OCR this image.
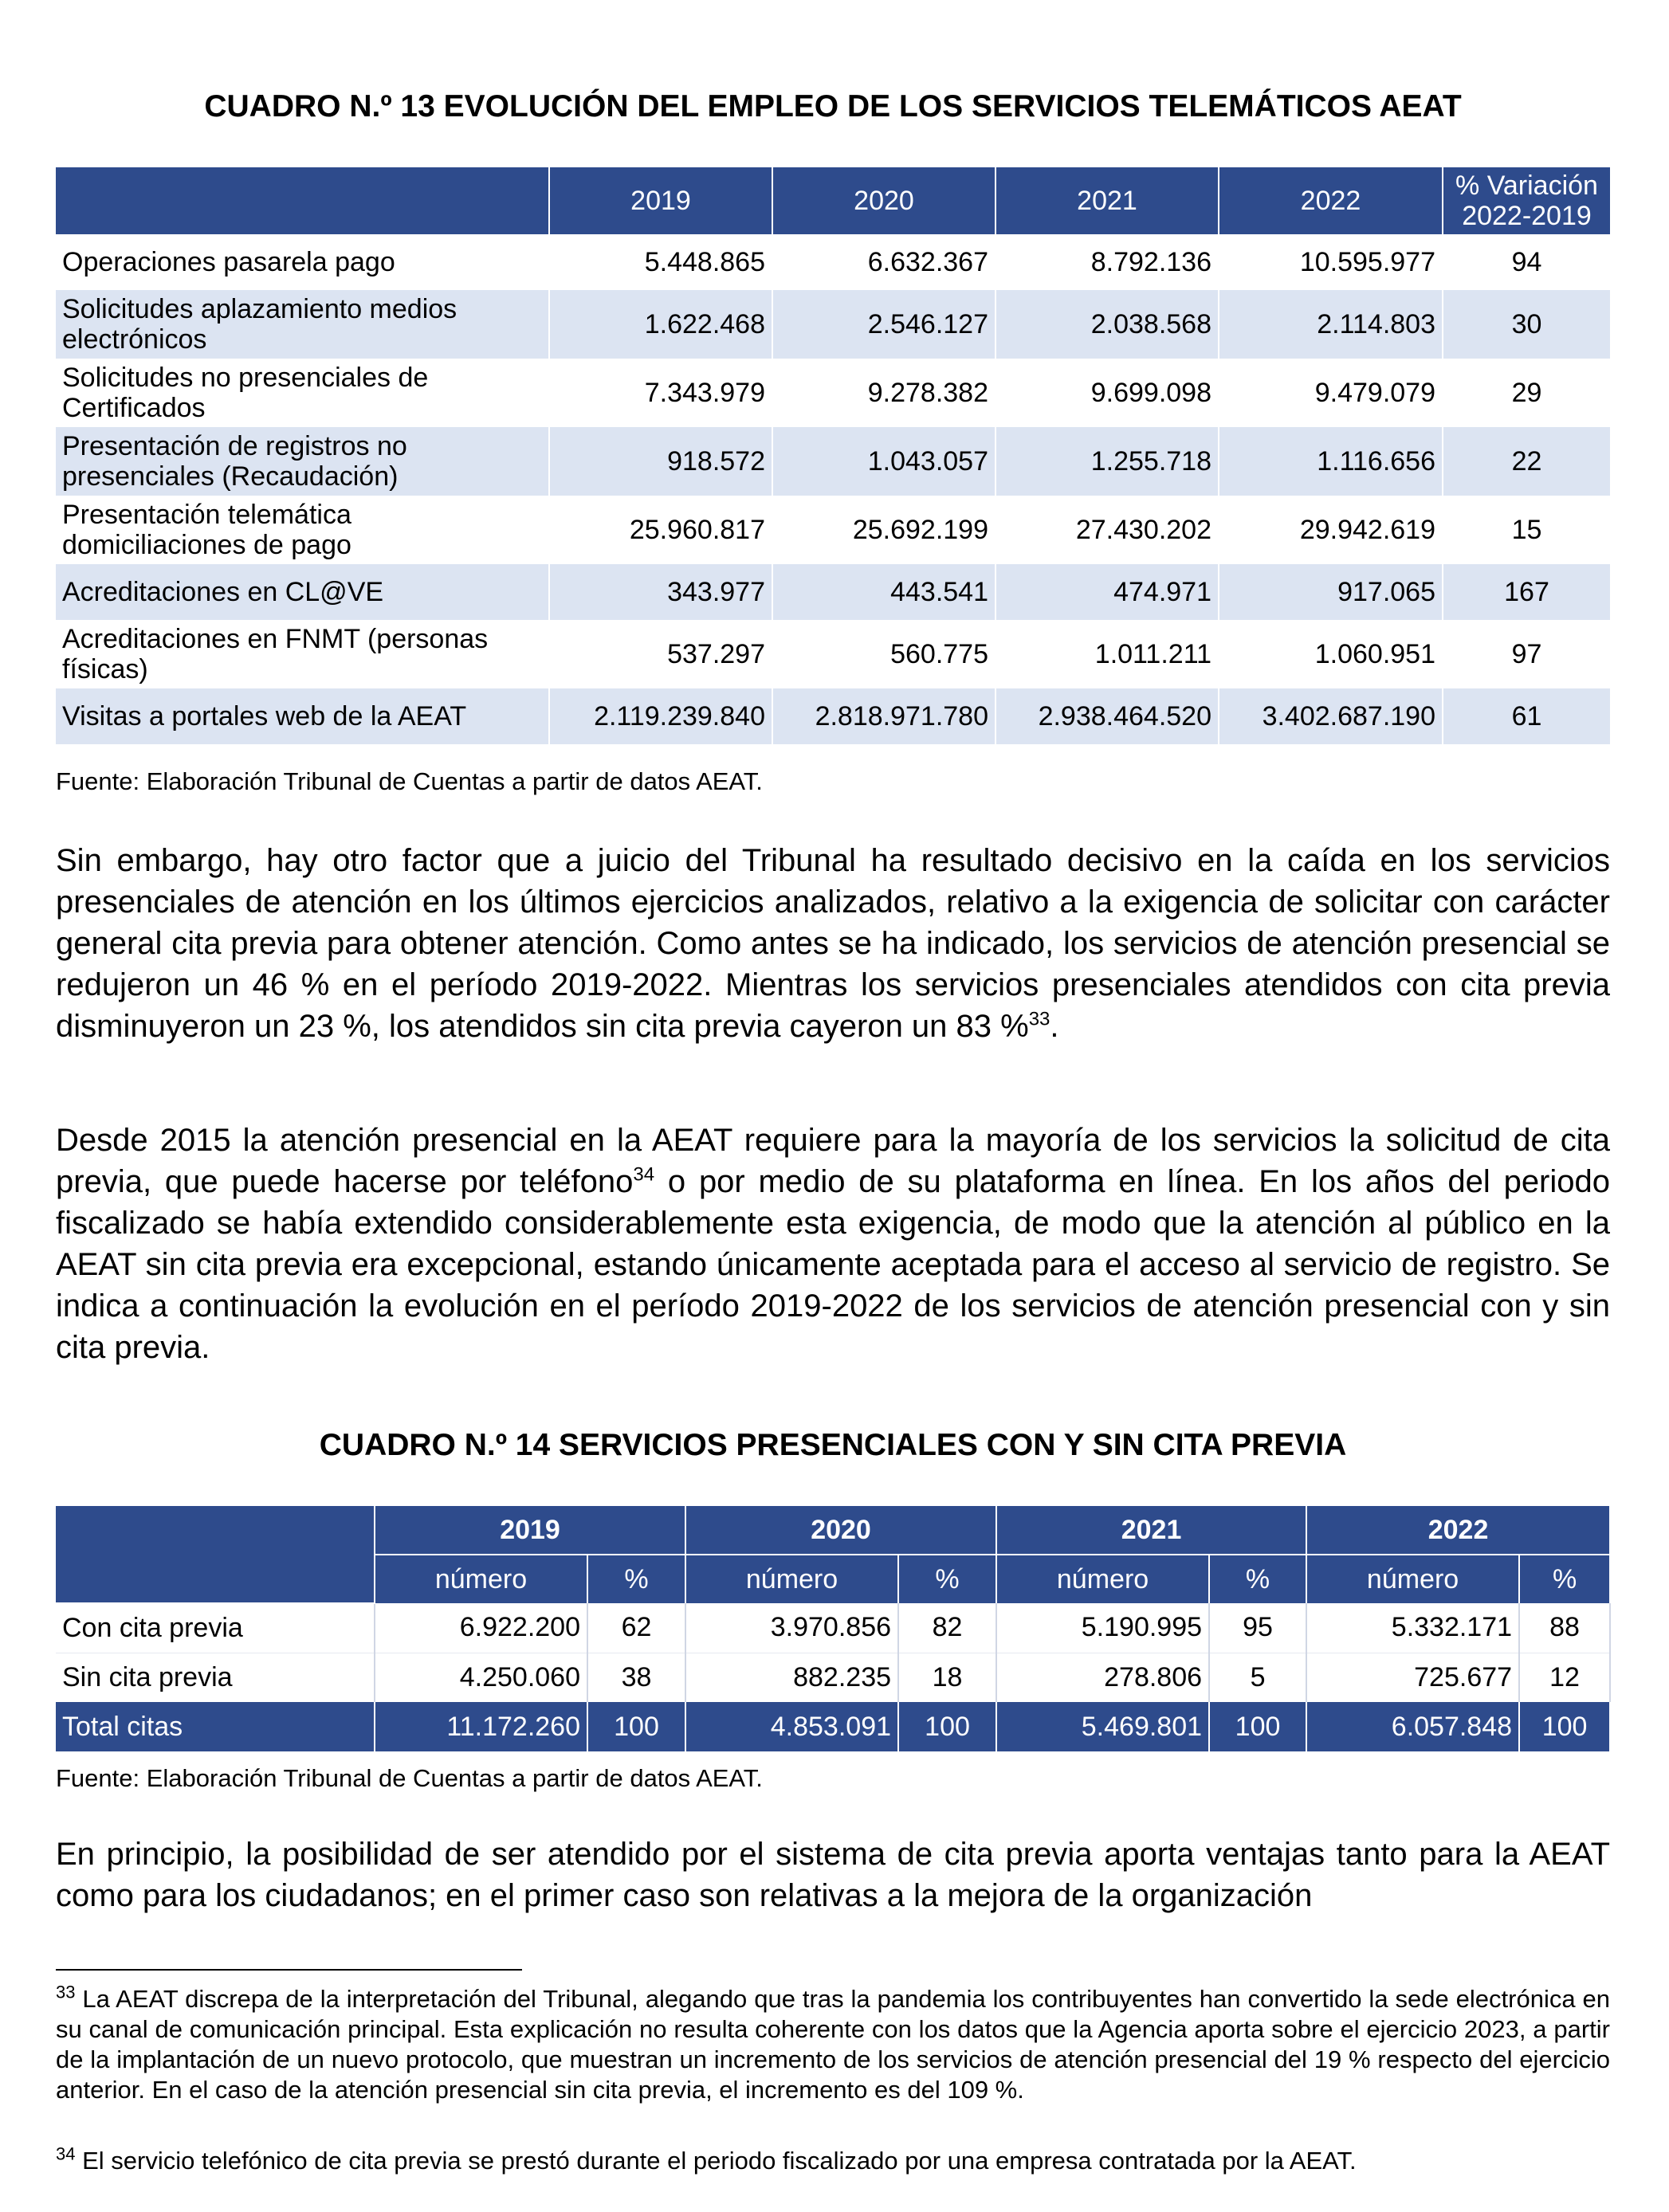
CUADRO N.º 13 EVOLUCIÓN DEL EMPLEO DE LOS SERVICIOS TELEMÁTICOS AEAT
	2019	2020	2021	2022	% Variación 2022-2019
Operaciones pasarela pago	5.448.865	6.632.367	8.792.136	10.595.977	94
Solicitudes aplazamiento medios electrónicos	1.622.468	2.546.127	2.038.568	2.114.803	30
Solicitudes no presenciales de Certificados	7.343.979	9.278.382	9.699.098	9.479.079	29
Presentación de registros no presenciales (Recaudación)	918.572	1.043.057	1.255.718	1.116.656	22
Presentación telemática domiciliaciones de pago	25.960.817	25.692.199	27.430.202	29.942.619	15
Acreditaciones en CL@VE	343.977	443.541	474.971	917.065	167
Acreditaciones en FNMT (personas físicas)	537.297	560.775	1.011.211	1.060.951	97
Visitas a portales web de la AEAT	2.119.239.840	2.818.971.780	2.938.464.520	3.402.687.190	61

Fuente: Elaboración Tribunal de Cuentas a partir de datos AEAT.

Sin embargo, hay otro factor que a juicio del Tribunal ha resultado decisivo en la caída en los servicios presenciales de atención en los últimos ejercicios analizados, relativo a la exigencia de solicitar con carácter general cita previa para obtener atención. Como antes se ha indicado, los servicios de atención presencial se redujeron un 46 % en el período 2019-2022. Mientras los servicios presenciales atendidos con cita previa disminuyeron un 23 %, los atendidos sin cita previa cayeron un 83 %$^{33}$.

Desde 2015 la atención presencial en la AEAT requiere para la mayoría de los servicios la solicitud de cita previa, que puede hacerse por teléfono$^{34}$ o por medio de su plataforma en línea. En los años del periodo fiscalizado se había extendido considerablemente esta exigencia, de modo que la atención al público en la AEAT sin cita previa era excepcional, estando únicamente aceptada para el acceso al servicio de registro. Se indica a continuación la evolución en el período 2019-2022 de los servicios de atención presencial con y sin cita previa.

CUADRO N.º 14 SERVICIOS PRESENCIALES CON Y SIN CITA PREVIA
	2019		2020		2021		2022	
	número	%	número	%	número	%	número	%
Con cita previa	6.922.200	62	3.970.856	82	5.190.995	95	5.332.171	88
Sin cita previa	4.250.060	38	882.235	18	278.806	5	725.677	12
Total citas	11.172.260	100	4.853.091	100	5.469.801	100	6.057.848	100

Fuente: Elaboración Tribunal de Cuentas a partir de datos AEAT.

En principio, la posibilidad de ser atendido por el sistema de cita previa aporta ventajas tanto para la AEAT como para los ciudadanos; en el primer caso son relativas a la mejora de la organización

$^{33}$ La AEAT discrepa de la interpretación del Tribunal, alegando que tras la pandemia los contribuyentes han convertido la sede electrónica en su canal de comunicación principal. Esta explicación no resulta coherente con los datos que la Agencia aporta sobre el ejercicio 2023, a partir de la implantación de un nuevo protocolo, que muestran un incremento de los servicios de atención presencial del 19 % respecto del ejercicio anterior. En el caso de la atención presencial sin cita previa, el incremento es del 109 %.

$^{34}$ El servicio telefónico de cita previa se prestó durante el periodo fiscalizado por una empresa contratada por la AEAT.
